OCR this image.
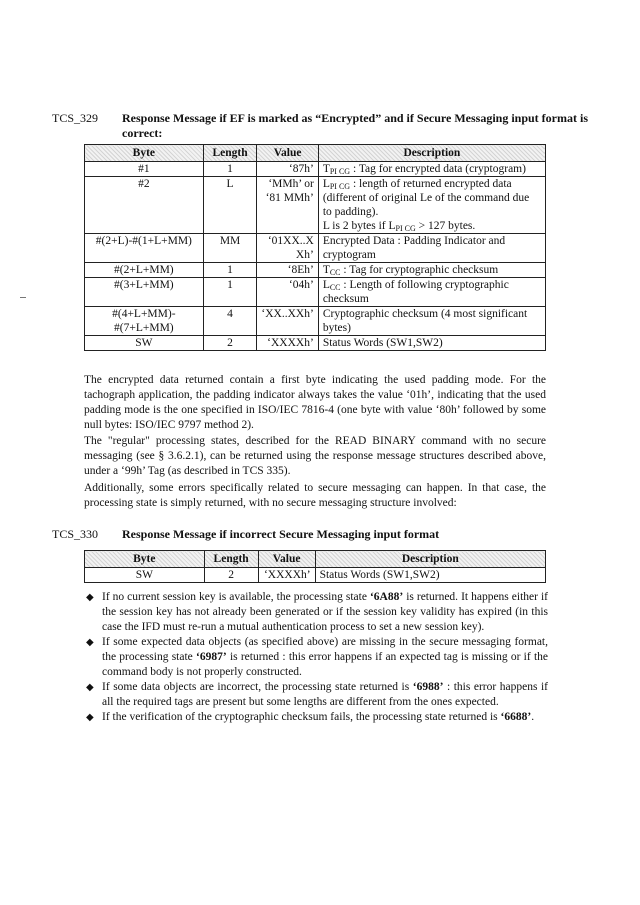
TCS_329	Response Message if EF is marked as “Encrypted” and if Secure Messaging input format is correct:
Byte	Length	Value	Description
#1	1	‘87h’	$T_{PI CG}$ : Tag for encrypted data (cryptogram)
#2	L	‘MMh’ or ‘81 MMh’	$L_{PI CG}$ : length of returned encrypted data (different of original Le of the command due to padding).
L is 2 bytes if $L_{PI CG} > 127$ bytes.
#(2+L)-#(1+L+MM)	MM	‘01XX..X Xh’	Encrypted Data : Padding Indicator and cryptogram
#(2+L+MM)	1	‘8Eh’	$T_{CC}$ : Tag for cryptographic checksum
#(3+L+MM)	1	‘04h’	$L_{CC}$ : Length of following cryptographic checksum
#(4+L+MM)-
#(7+L+MM)	4	‘XX..XXh’	Cryptographic checksum (4 most significant bytes)
SW	2	‘XXXXh’	Status Words (SW1,SW2)

The encrypted data returned contain a first byte indicating the used padding mode. For the tachograph application, the padding indicator always takes the value ‘01h’, indicating that the used padding mode is the one specified in ISO/IEC 7816-4 (one byte with value ‘80h’ followed by some null bytes: ISO/IEC 9797 method 2).

The "regular" processing states, described for the READ BINARY command with no secure messaging (see § 3.6.2.1), can be returned using the response message structures described above, under a ‘99h’ Tag (as described in TCS 335).

Additionally, some errors specifically related to secure messaging can happen. In that case, the processing state is simply returned, with no secure messaging structure involved:

TCS_330	Response Message if incorrect Secure Messaging input format
Byte	Length	Value	Description
SW	2	‘XXXXh’	Status Words (SW1,SW2)
◆ If no current session key is available, the processing state ‘6A88’ is returned. It happens either if the session key has not already been generated or if the session key validity has expired (in this case the IFD must re-run a mutual authentication process to set a new session key).
◆ If some expected data objects (as specified above) are missing in the secure messaging format, the processing state ‘6987’ is returned : this error happens if an expected tag is missing or if the command body is not properly constructed.
◆ If some data objects are incorrect, the processing state returned is ‘6988’ : this error happens if all the required tags are present but some lengths are different from the ones expected.
◆ If the verification of the cryptographic checksum fails, the processing state returned is ‘6688’.
